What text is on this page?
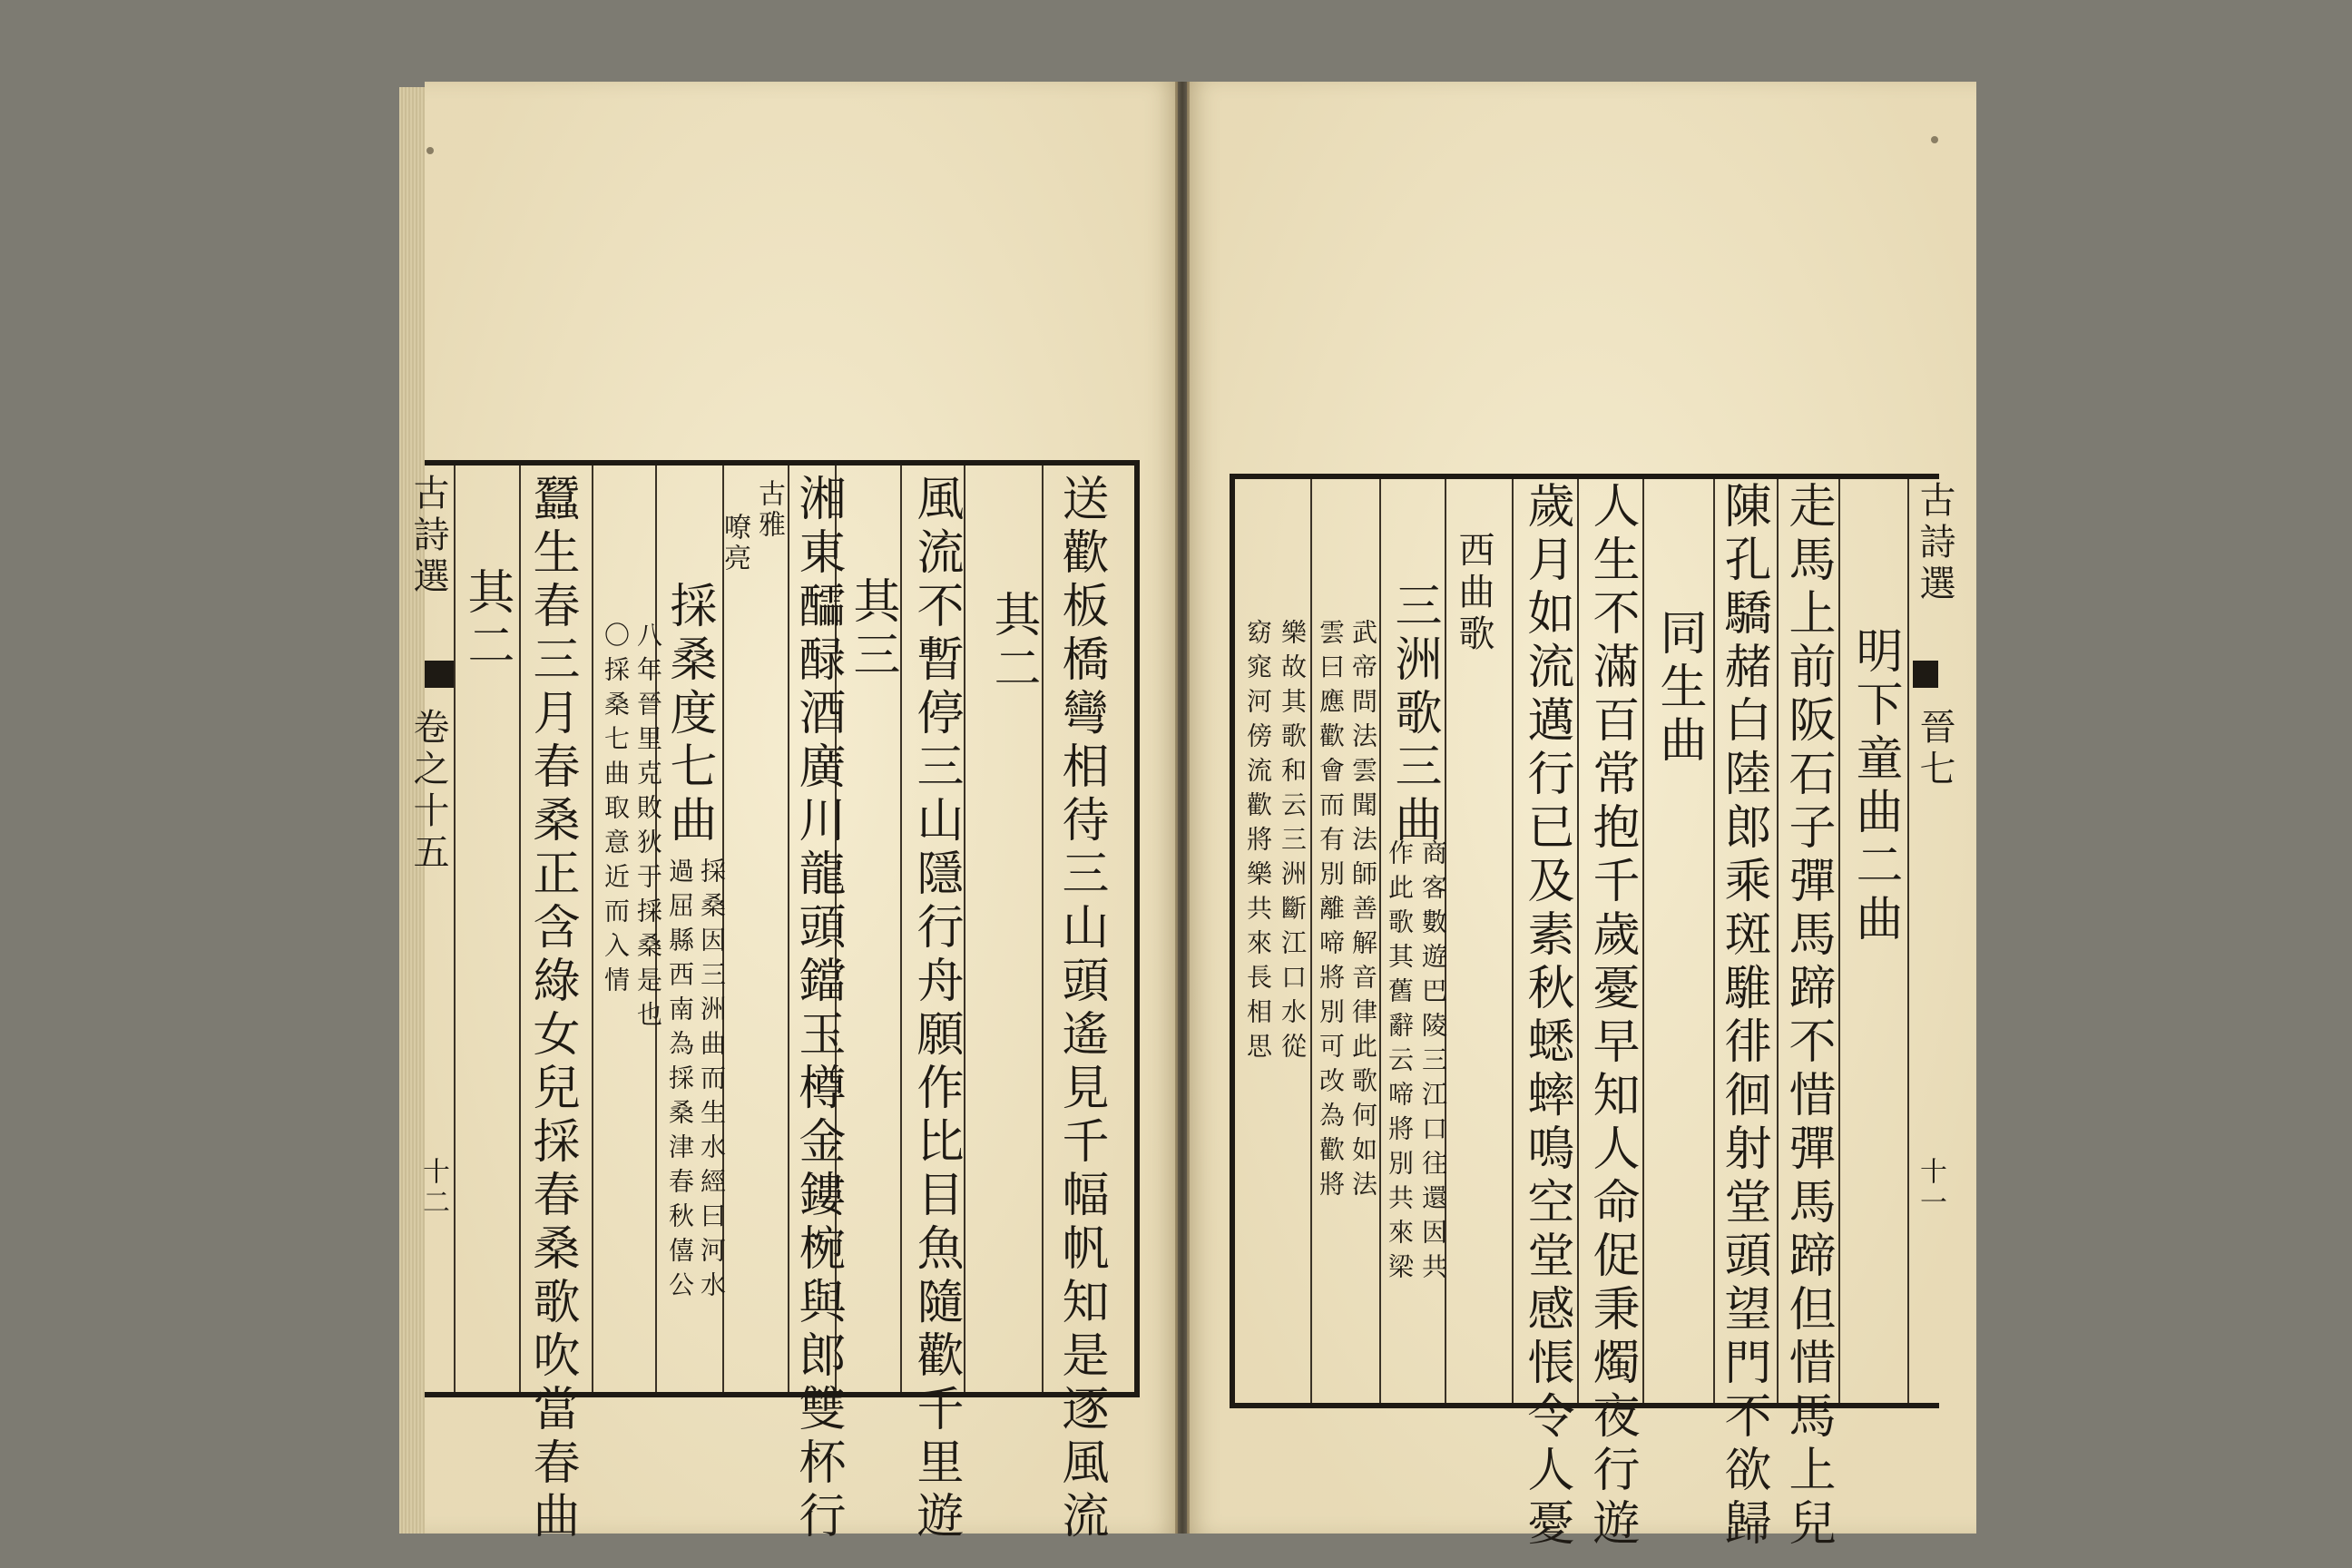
送歡板橋彎相待三山頭遙見千幅帆知是逐風流
其二
風流不暫停三山隱行舟願作比目魚隨歡千里遊
其三
湘東醽醁酒廣川龍頭鐺玉樽金鏤椀與郎雙杯行
古雅
嘹亮
採桑度七曲
採桑因三洲曲而生水經曰河水
過屈縣西南為採桑津春秋僖公
八年晉里克敗狄于採桑是也
〇採桑七曲取意近而入情
蠶生春三月春桑正含綠女兒採春桑歌吹當春曲
其二
古詩選
卷之十五
十二
明下童曲二曲
走馬上前阪石子彈馬蹄不惜彈馬蹄但惜馬上兒
陳孔驕赭白陸郎乘斑騅徘徊射堂頭望門不欲歸
同生曲
人生不滿百常抱千歲憂早知人命促秉燭夜行遊
歲月如流邁行已及素秋蟋蟀鳴空堂感悵令人憂
西曲歌
三洲歌三曲
商客數遊巴陵三江口往還因共
作此歌其舊辭云啼將別共來梁
武帝問法雲聞法師善解音律此歌何如法
雲曰應歡會而有別離啼將別可改為歡將
樂故其歌和云三洲斷江口水從
窈窕河傍流歡將樂共來長相思
古詩選
晉七
十一
